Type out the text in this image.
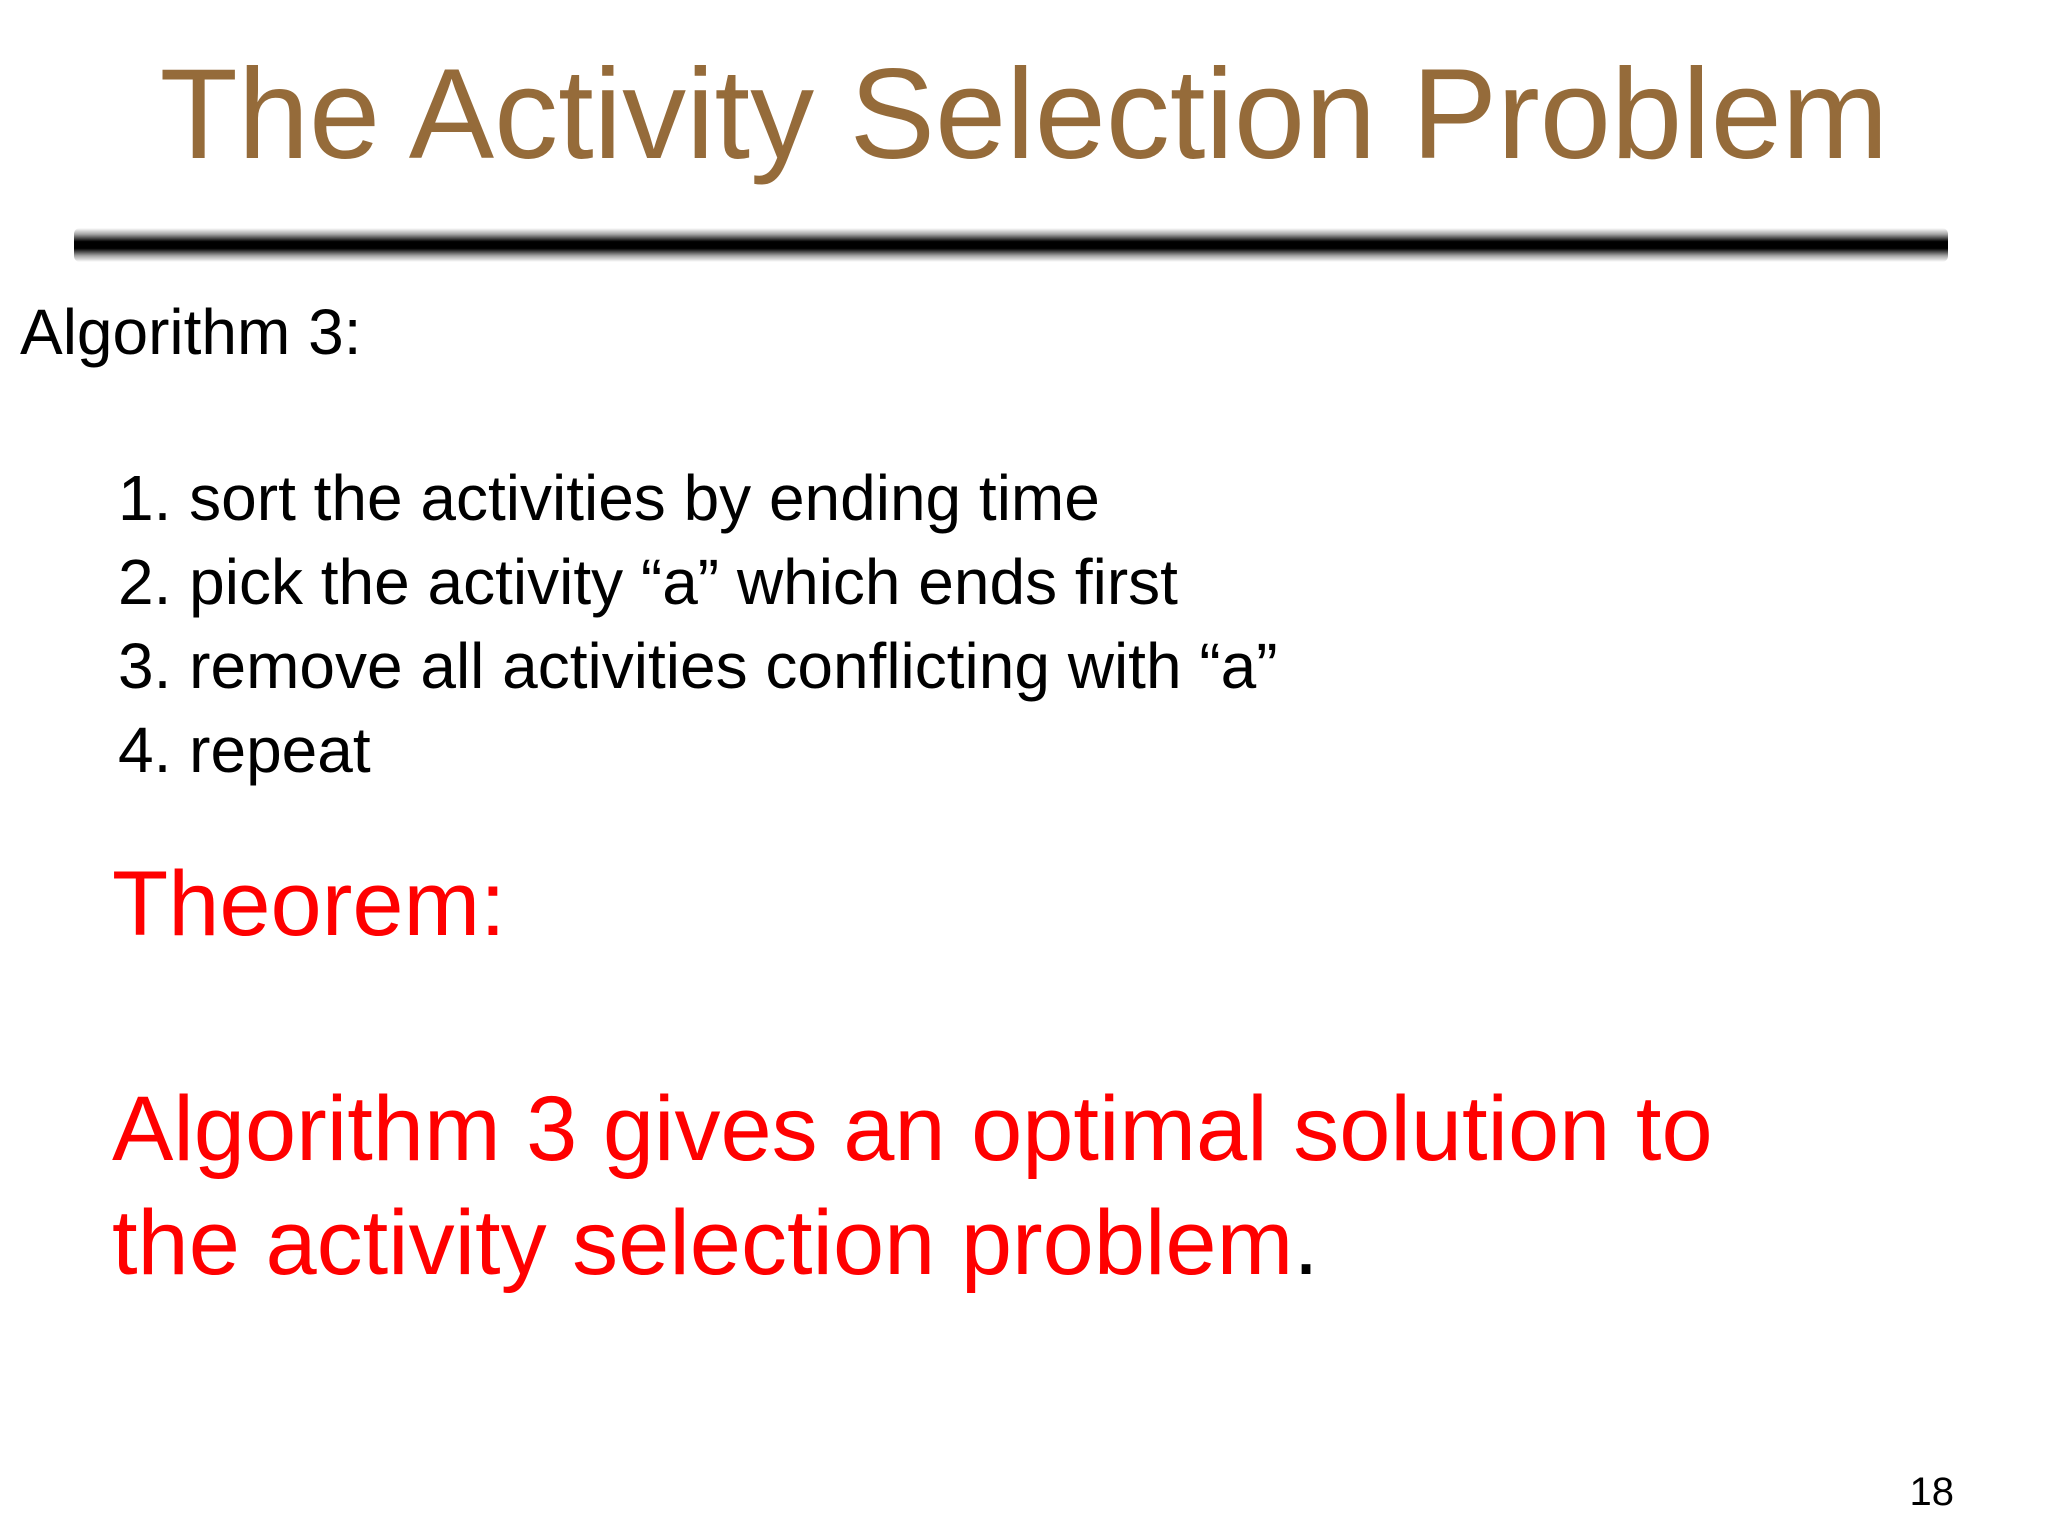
The Activity Selection Problem
Algorithm 3:
1. sort the activities by ending time
2. pick the activity “a” which ends first
3. remove all activities conflicting with “a”
4. repeat
Theorem:
Algorithm 3 gives an optimal solution to
the activity selection problem.
18
